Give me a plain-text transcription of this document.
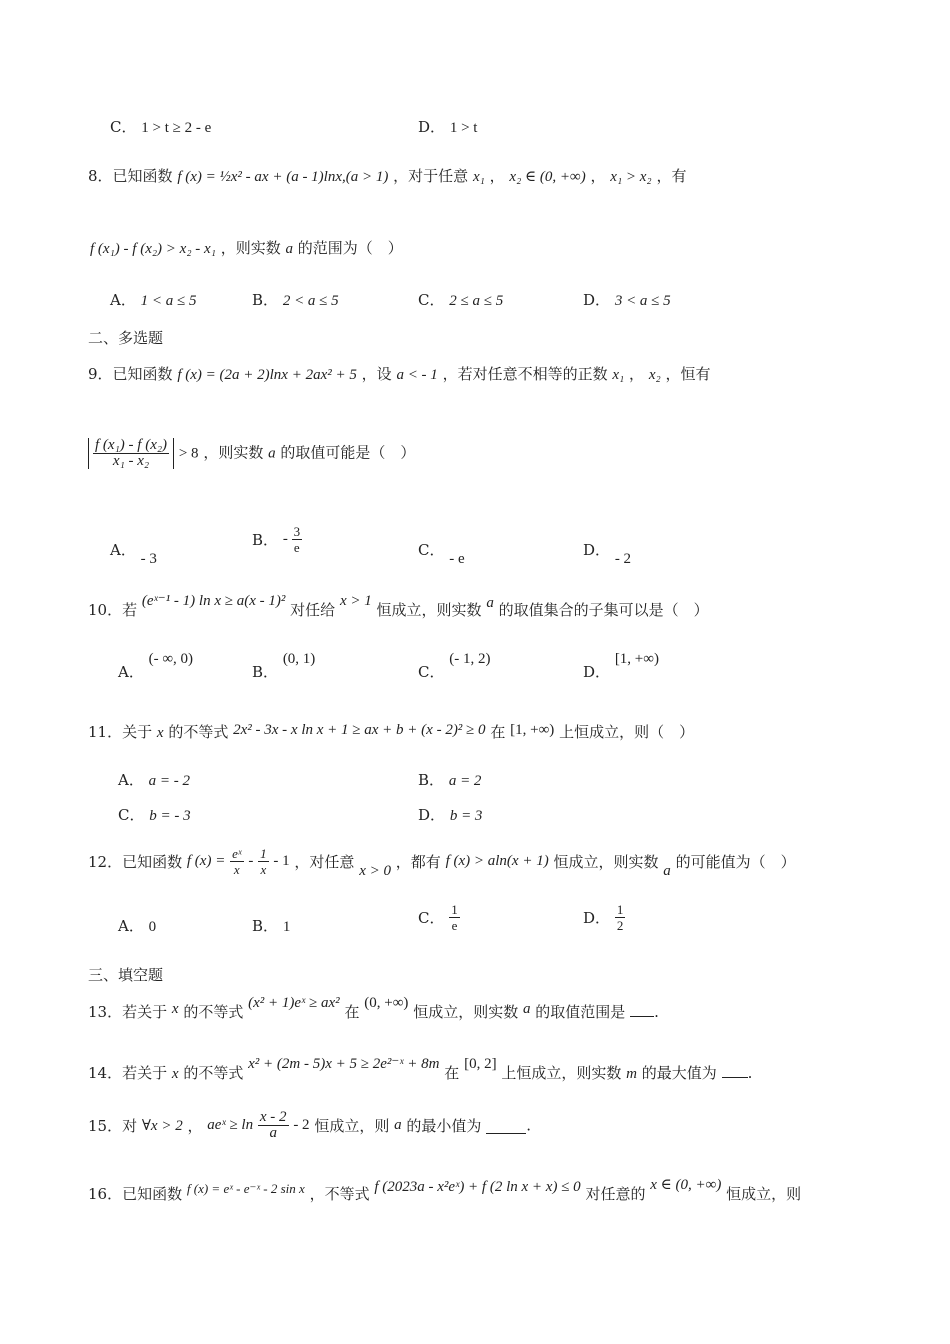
C． 1 > t ≥ 2 - e	D． 1 > t
8．已知函数 f (x) = ½x² - ax + (a - 1)lnx,(a > 1) ，对于任意 x₁ ， x₂ ∈ (0, +∞) ， x₁ > x₂ ，有
f (x₁) - f (x₂) > x₂ - x₁ ，则实数 a 的范围为（　）
A． 1 < a ≤ 5	B． 2 < a ≤ 5	C． 2 ≤ a ≤ 5	D． 3 < a ≤ 5
二、多选题
9．已知函数 f (x) = (2a + 2)lnx + 2ax² + 5 ，设 a < - 1 ，若对任意不相等的正数 x₁ ， x₂ ，恒有
$\frac{\text{f (x₁) - f (x₂)}}{\text{x₁ - x₂}} > 8$ ，则实数 a 的取值可能是（　）
A． - 3
B． - $\frac{3}{e}$	C． - e	D． - 2
10．若 (eˣ⁻¹ - 1) ln x ≥ a(x - 1)² 对任给 x > 1 恒成立，则实数 a 的取值集合的子集可以是（　）
A． (- ∞, 0)
B． (0, 1)
C． (- 1, 2)
D． [1, +∞)
11．关于 x 的不等式 2x² - 3x - x ln x + 1 ≥ ax + b + (x - 2)² ≥ 0 在 [1, +∞) 上恒成立，则（　）
A． a = - 2	B． a = 2
C． b = - 3	D． b = 3
12．已知函数 f $(x) = \frac{\text{eˣ}}{x} - \frac{1}{x} - 1$ ，对任意 x > 0 ，都有 f (x) > aln(x + 1) 恒成立，则实数 a 的可能值为（　）
A． 0	B． 1	C． $\frac{1}{e}$	D． $\frac{1}{2}$
三、填空题
13．若关于 x 的不等式 (x² + 1)eˣ ≥ ax² 在 (0, +∞) 恒成立，则实数 a 的取值范围是 .
14．若关于 x 的不等式 x² + (2m - 5)x + 5 ≥ 2e²⁻ˣ + 8m 在 [0, 2] 上恒成立，则实数 m 的最大值为 .
15．对 ∀x > 2 ， aeˣ ≥ $\ln \frac{x - 2}{a} - 2$ 恒成立，则 a 的最小值为	.
16．已知函数 f (x) = eˣ - e⁻ˣ - 2 sin x ，不等式 f (2023a - x²eˣ) + f (2 ln x + x) ≤ 0 对任意的 x ∈ (0, +∞) 恒成立，则
